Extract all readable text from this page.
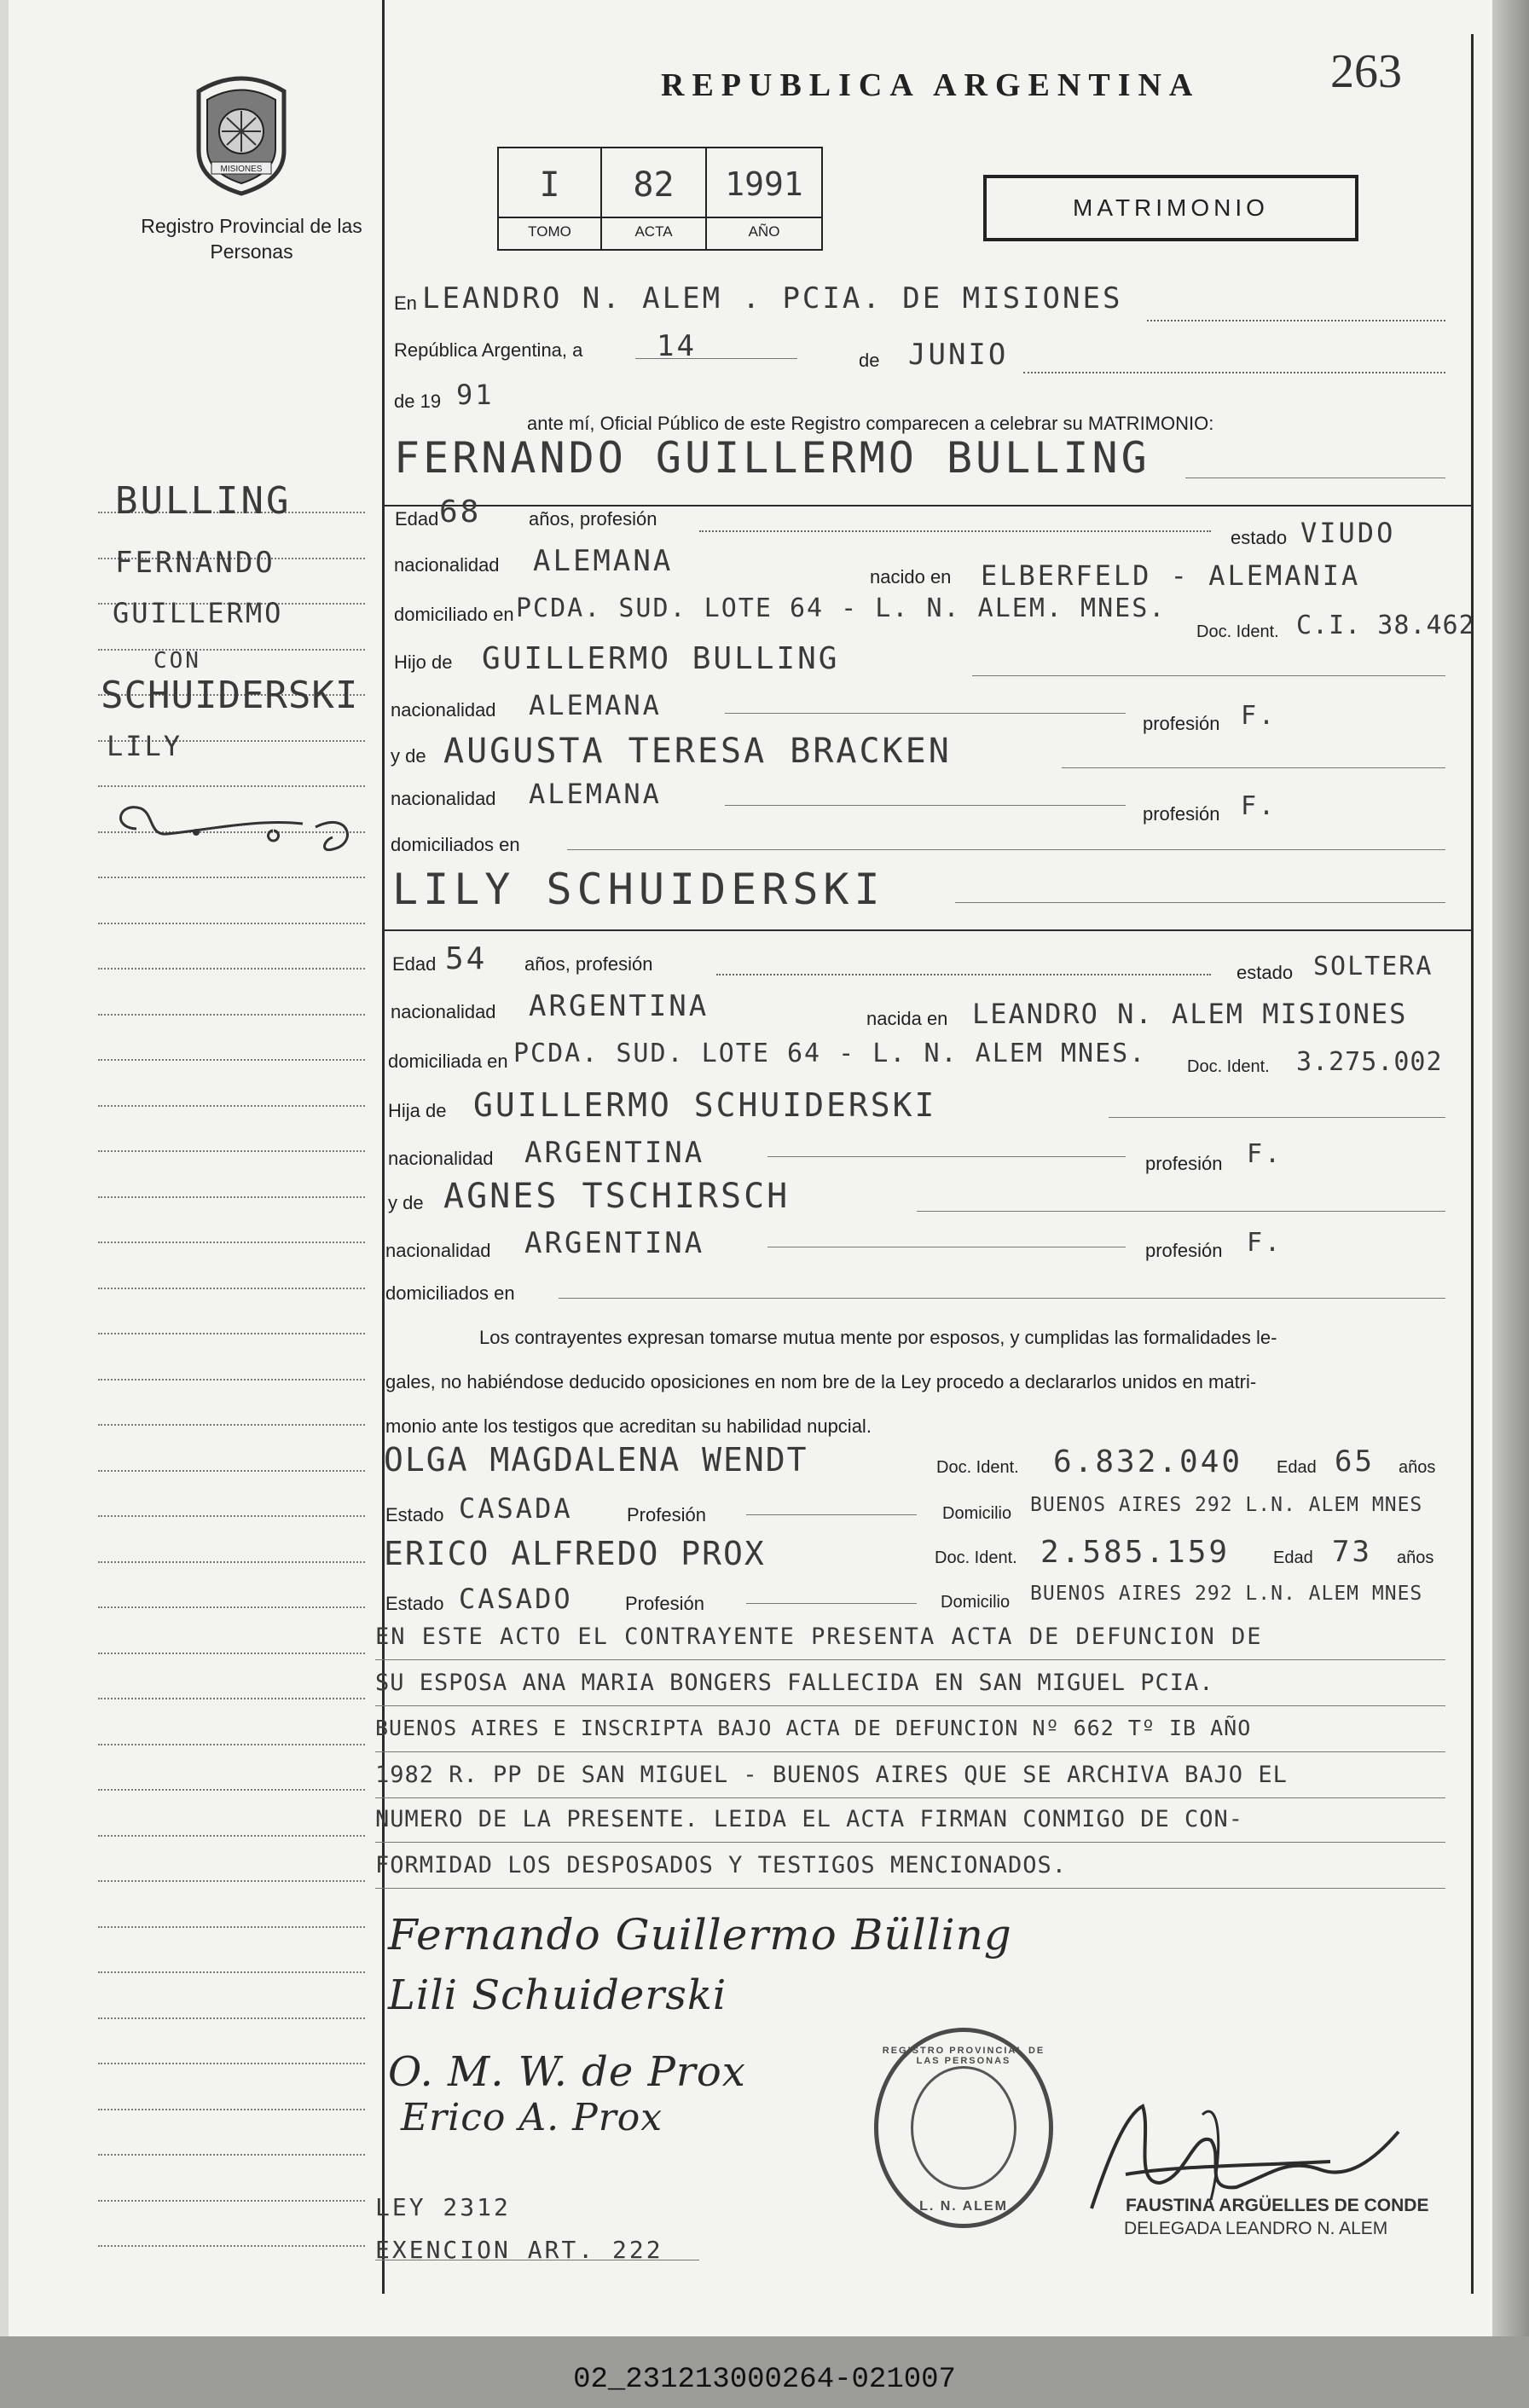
02_231213000264-021007
MISIONES
Registro Provincial de las Personas
BULLING
FERNANDO
GUILLERMO
CON
SCHUIDERSKI
LILY
REPUBLICA ARGENTINA	263
I
TOMO
82
ACTA
1991
AÑO
MATRIMONIO
En LEANDRO N. ALEM . PCIA. DE MISIONES
República Argentina, a	14	de JUNIO
de 19 91
ante mí, Oficial Público de este Registro comparecen a celebrar su MATRIMONIO:
FERNANDO GUILLERMO BULLING
Edad 68	años, profesión
estado VIUDO
nacionalidad ALEMANA	nacido en ELBERFELD - ALEMANIA
domiciliado en PCDA. SUD. LOTE 64 - L. N. ALEM. MNES.
Doc. Ident. C.I. 38.462
Hijo de GUILLERMO BULLING
nacionalidad ALEMANA
profesión F.
y de AUGUSTA TERESA BRACKEN
nacionalidad ALEMANA
profesión F.
domiciliados en
LILY SCHUIDERSKI
Edad 54 años, profesión	estado SOLTERA
nacionalidad ARGENTINA	nacida en LEANDRO N. ALEM MISIONES
domiciliada en PCDA. SUD. LOTE 64 - L. N. ALEM MNES. Doc. Ident. 3.275.002
Hija de GUILLERMO SCHUIDERSKI
nacionalidad ARGENTINA	profesión F.
y de AGNES TSCHIRSCH
nacionalidad ARGENTINA	profesión F.
domiciliados en
Los contrayentes expresan tomarse mutua mente por esposos, y cumplidas las formalidades le-
gales, no habiéndose deducido oposiciones en nom bre de la Ley procedo a declararlos unidos en matri-
monio ante los testigos que acreditan su habilidad nupcial.
OLGA MAGDALENA WENDT	Doc. Ident. 6.832.040 Edad 65 años
Estado CASADA	Profesión	Domicilio BUENOS AIRES 292 L.N. ALEM MNES
ERICO ALFREDO PROX	Doc. Ident. 2.585.159	Edad 73 años
Estado CASADO	Profesión	Domicilio BUENOS AIRES 292 L.N. ALEM MNES
EN ESTE ACTO EL CONTRAYENTE PRESENTA ACTA DE DEFUNCION DE
SU ESPOSA ANA MARIA BONGERS FALLECIDA EN SAN MIGUEL PCIA.
BUENOS AIRES E INSCRIPTA BAJO ACTA DE DEFUNCION Nº 662 Tº IB AÑO
1982 R. PP DE SAN MIGUEL - BUENOS AIRES QUE SE ARCHIVA BAJO EL
NUMERO DE LA PRESENTE. LEIDA EL ACTA FIRMAN CONMIGO DE CON-
FORMIDAD LOS DESPOSADOS Y TESTIGOS MENCIONADOS.
Fernando Guillermo Bülling
Lili Schuiderski
O. M. W. de Prox
Erico A. Prox
LEY 2312
EXENCION ART. 222
REGISTRO PROVINCIAL DE LAS PERSONAS
L. N. ALEM	FAUSTINA ARGÜELLES DE CONDE
DELEGADA LEANDRO N. ALEM
